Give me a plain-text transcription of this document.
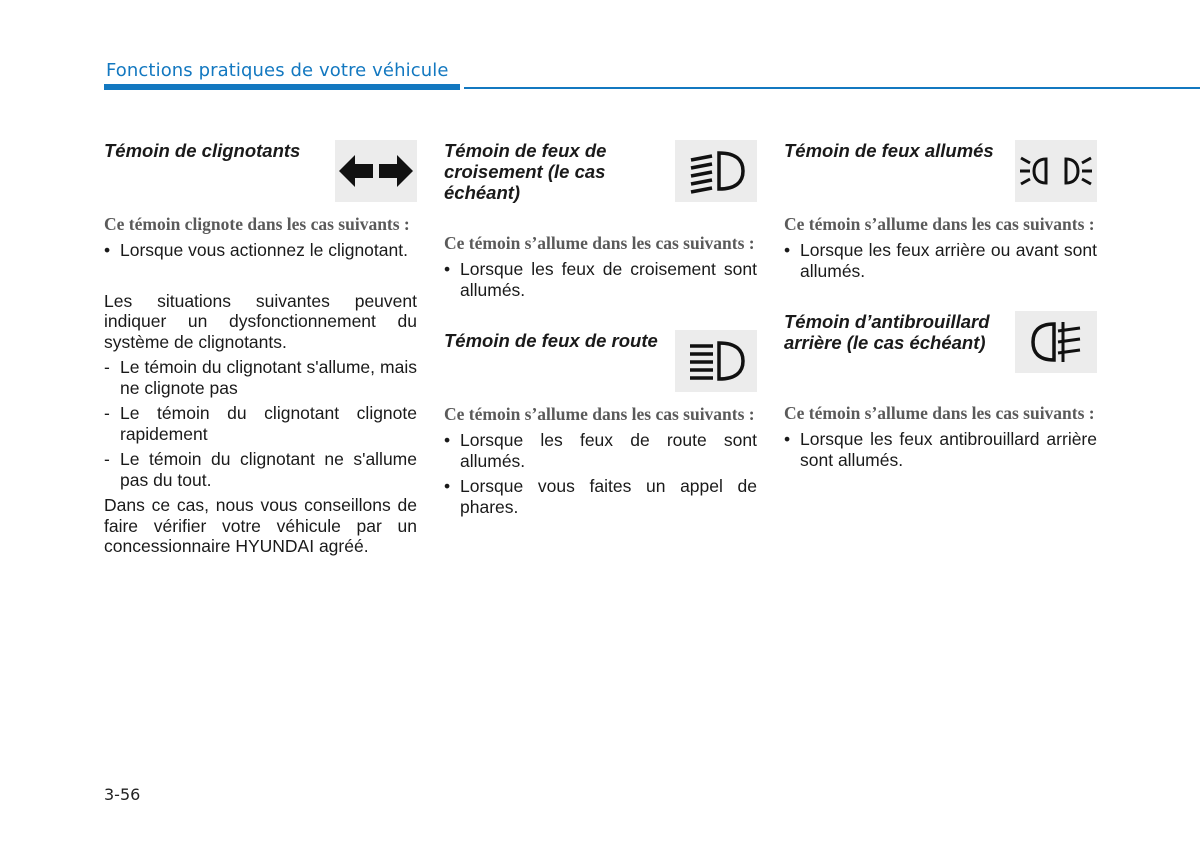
Fonctions pratiques de votre véhicule
Témoin de clignotants

Ce témoin clignote dans les cas suivants :

• Lorsque vous actionnez le clignotant.

Les situations suivantes peuvent indiquer un dysfonctionnement du système de clignotants.

- Le témoin du clignotant s'allume, mais ne clignote pas
- Le témoin du clignotant clignote rapidement
- Le témoin du clignotant ne s'allume pas du tout.

Dans ce cas, nous vous conseillons de faire vérifier votre véhicule par un concessionnaire HYUNDAI agréé.

Témoin de feux de croisement (le cas échéant)

Ce témoin s’allume dans les cas suivants :

• Lorsque les feux de croisement sont allumés.
Témoin de feux de route

Ce témoin s’allume dans les cas suivants :

• Lorsque les feux de route sont allumés.
• Lorsque vous faites un appel de phares.
Témoin de feux allumés

Ce témoin s’allume dans les cas suivants :

• Lorsque les feux arrière ou avant sont allumés.
Témoin d’antibrouillard arrière (le cas échéant)

Ce témoin s’allume dans les cas suivants :

• Lorsque les feux antibrouillard arrière sont allumés.
3-56
